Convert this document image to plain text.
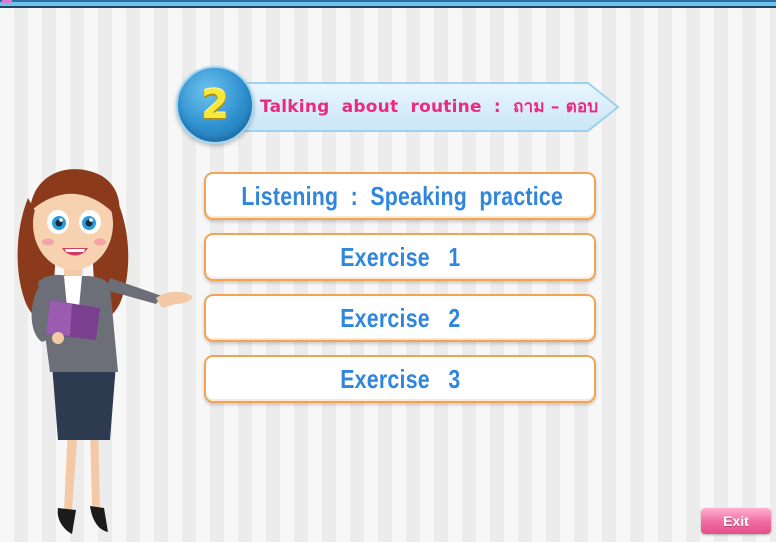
Talking  about  routine  :  ถาม – ตอบ
2
Listening  :  Speaking  practice
Exercise   1
Exercise   2
Exercise   3
Exit
